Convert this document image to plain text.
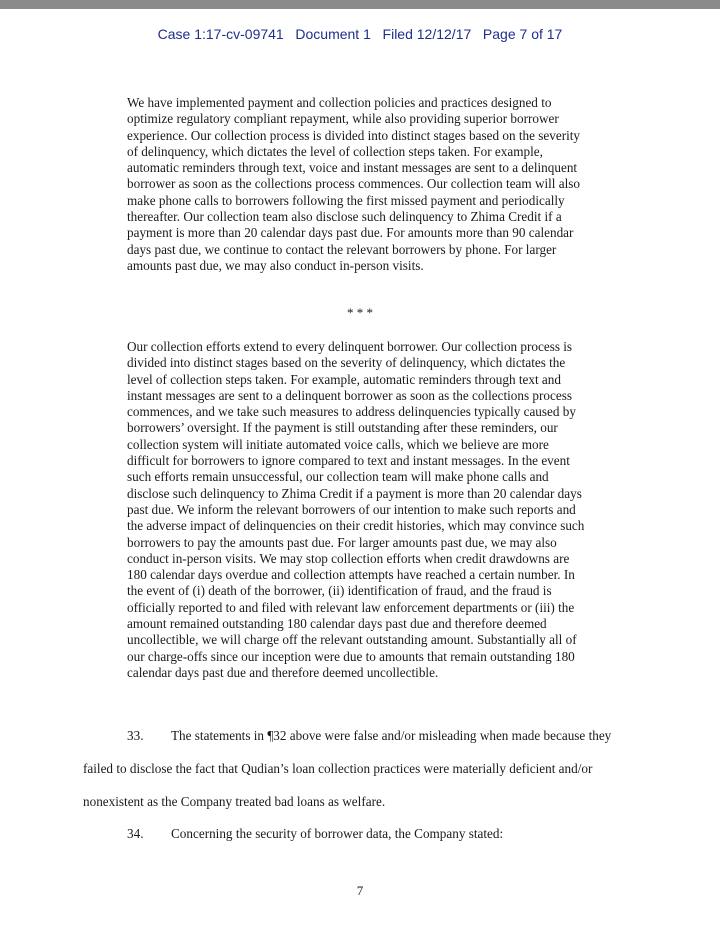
Case 1:17-cv-09741   Document 1   Filed 12/12/17   Page 7 of 17
We have implemented payment and collection policies and practices designed to optimize regulatory compliant repayment, while also providing superior borrower experience. Our collection process is divided into distinct stages based on the severity of delinquency, which dictates the level of collection steps taken. For example, automatic reminders through text, voice and instant messages are sent to a delinquent borrower as soon as the collections process commences. Our collection team will also make phone calls to borrowers following the first missed payment and periodically thereafter. Our collection team also disclose such delinquency to Zhima Credit if a payment is more than 20 calendar days past due. For amounts more than 90 calendar days past due, we continue to contact the relevant borrowers by phone. For larger amounts past due, we may also conduct in-person visits.
* * *
Our collection efforts extend to every delinquent borrower. Our collection process is divided into distinct stages based on the severity of delinquency, which dictates the level of collection steps taken. For example, automatic reminders through text and instant messages are sent to a delinquent borrower as soon as the collections process commences, and we take such measures to address delinquencies typically caused by borrowers’ oversight. If the payment is still outstanding after these reminders, our collection system will initiate automated voice calls, which we believe are more difficult for borrowers to ignore compared to text and instant messages. In the event such efforts remain unsuccessful, our collection team will make phone calls and disclose such delinquency to Zhima Credit if a payment is more than 20 calendar days past due. We inform the relevant borrowers of our intention to make such reports and the adverse impact of delinquencies on their credit histories, which may convince such borrowers to pay the amounts past due. For larger amounts past due, we may also conduct in-person visits. We may stop collection efforts when credit drawdowns are 180 calendar days overdue and collection attempts have reached a certain number. In the event of (i) death of the borrower, (ii) identification of fraud, and the fraud is officially reported to and filed with relevant law enforcement departments or (iii) the amount remained outstanding 180 calendar days past due and therefore deemed uncollectible, we will charge off the relevant outstanding amount. Substantially all of our charge-offs since our inception were due to amounts that remain outstanding 180 calendar days past due and therefore deemed uncollectible.
33. The statements in ¶32 above were false and/or misleading when made because they failed to disclose the fact that Qudian’s loan collection practices were materially deficient and/or nonexistent as the Company treated bad loans as welfare.
34. Concerning the security of borrower data, the Company stated:
7
